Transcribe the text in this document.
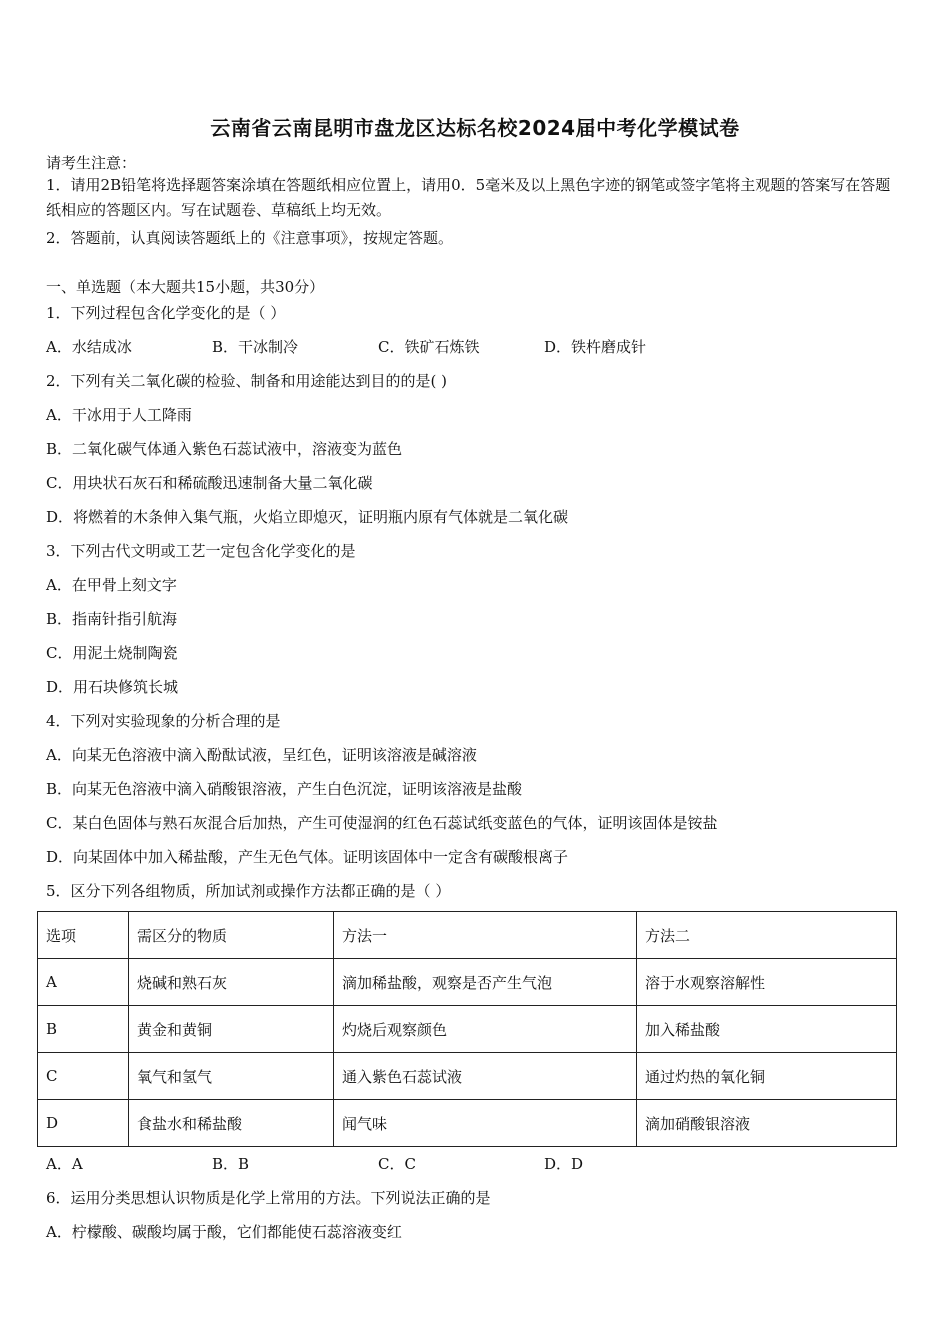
云南省云南昆明市盘龙区达标名校2024届中考化学模试卷
请考生注意：
1．请用2B铅笔将选择题答案涂填在答题纸相应位置上，请用0．5毫米及以上黑色字迹的钢笔或签字笔将主观题的答案写在答题纸相应的答题区内。写在试题卷、草稿纸上均无效。
2．答题前，认真阅读答题纸上的《注意事项》，按规定答题。
一、单选题（本大题共15小题，共30分）
1．下列过程包含化学变化的是（ ）
A．水结成冰	B．干冰制冷	C．铁矿石炼铁	D．铁杵磨成针
2．下列有关二氧化碳的检验、制备和用途能达到目的的是( )
A．干冰用于人工降雨
B．二氧化碳气体通入紫色石蕊试液中，溶液变为蓝色
C．用块状石灰石和稀硫酸迅速制备大量二氧化碳
D．将燃着的木条伸入集气瓶，火焰立即熄灭，证明瓶内原有气体就是二氧化碳
3．下列古代文明或工艺一定包含化学变化的是
A．在甲骨上刻文字
B．指南针指引航海
C．用泥土烧制陶瓷
D．用石块修筑长城
4．下列对实验现象的分析合理的是
A．向某无色溶液中滴入酚酞试液，呈红色，证明该溶液是碱溶液
B．向某无色溶液中滴入硝酸银溶液，产生白色沉淀，证明该溶液是盐酸
C．某白色固体与熟石灰混合后加热，产生可使湿润的红色石蕊试纸变蓝色的气体，证明该固体是铵盐
D．向某固体中加入稀盐酸，产生无色气体。证明该固体中一定含有碳酸根离子
5．区分下列各组物质，所加试剂或操作方法都正确的是（ ）
选项	需区分的物质	方法一	方法二
A	烧碱和熟石灰	滴加稀盐酸，观察是否产生气泡	溶于水观察溶解性
B	黄金和黄铜	灼烧后观察颜色	加入稀盐酸
C	氧气和氢气	通入紫色石蕊试液	通过灼热的氧化铜
D	食盐水和稀盐酸	闻气味	滴加硝酸银溶液
A．A	B．B	C．C	D．D
6．运用分类思想认识物质是化学上常用的方法。下列说法正确的是
A．柠檬酸、碳酸均属于酸，它们都能使石蕊溶液变红
